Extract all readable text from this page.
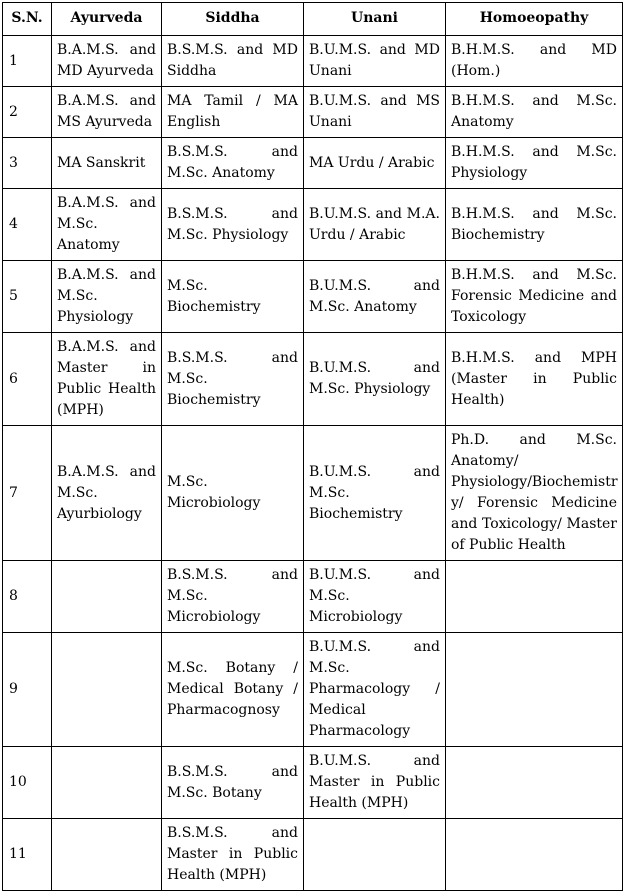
S.N.	Ayurveda	Siddha	Unani	Homoeopathy
1	B.A.M.S. and MD Ayurveda	B.S.M.S. and MD Siddha	B.U.M.S. and MD Unani	B.H.M.S. and MD (Hom.)
2	B.A.M.S. and MS Ayurveda	MA Tamil / MA English	B.U.M.S. and MS Unani	B.H.M.S. and M.Sc. Anatomy
3	MA Sanskrit	B.S.M.S. and M.Sc. Anatomy	MA Urdu / Arabic	B.H.M.S. and M.Sc. Physiology
4	B.A.M.S. and M.Sc. Anatomy	B.S.M.S. and M.Sc. Physiology	B.U.M.S. and M.A. Urdu / Arabic	B.H.M.S. and M.Sc. Biochemistry
5	B.A.M.S. and M.Sc. Physiology	M.Sc. Biochemistry	B.U.M.S. and M.Sc. Anatomy	B.H.M.S. and M.Sc. Forensic Medicine and Toxicology
6	B.A.M.S. and Master in Public Health (MPH)	B.S.M.S. and M.Sc. Biochemistry	B.U.M.S. and M.Sc. Physiology	B.H.M.S. and MPH (Master in Public Health)
7	B.A.M.S. and M.Sc. Ayurbiology	M.Sc. Microbiology	B.U.M.S. and M.Sc. Biochemistry	Ph.D. and M.Sc. Anatomy/ Physiology/Biochemistr y/ Forensic Medicine and Toxicology/ Master of Public Health
8		B.S.M.S. and M.Sc. Microbiology	B.U.M.S. and M.Sc. Microbiology	
9		M.Sc. Botany / Medical Botany / Pharmacognosy	B.U.M.S. and M.Sc. Pharmacology / Medical Pharmacology	
10		B.S.M.S. and M.Sc. Botany	B.U.M.S. and Master in Public Health (MPH)	
11		B.S.M.S. and Master in Public Health (MPH)		
